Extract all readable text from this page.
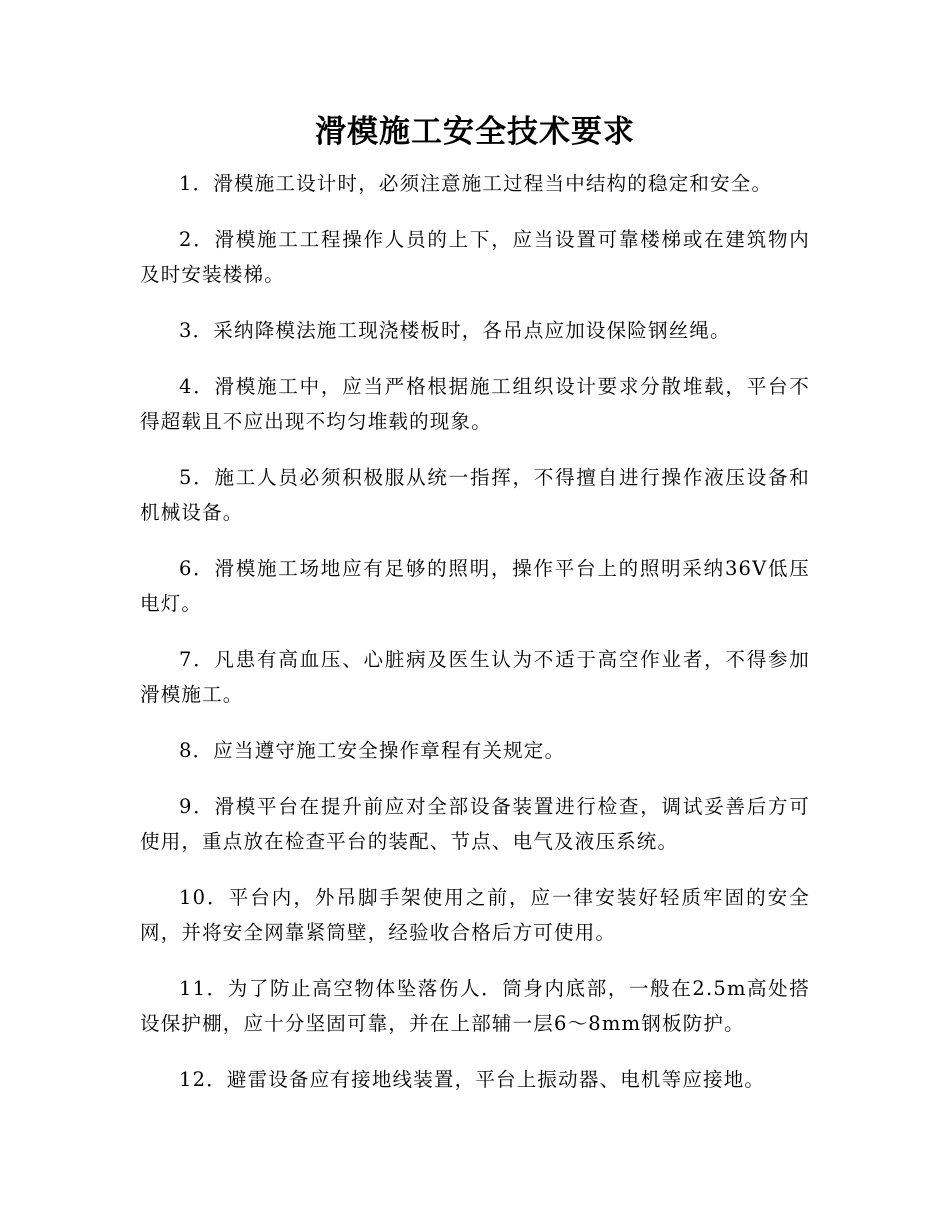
滑模施工安全技术要求

1．滑模施工设计时，必须注意施工过程当中结构的稳定和安全。

2．滑模施工工程操作人员的上下，应当设置可靠楼梯或在建筑物内及时安装楼梯。

3．采纳降模法施工现浇楼板时，各吊点应加设保险钢丝绳。

4．滑模施工中，应当严格根据施工组织设计要求分散堆载，平台不得超载且不应出现不均匀堆载的现象。

5．施工人员必须积极服从统一指挥，不得擅自进行操作液压设备和机械设备。

6．滑模施工场地应有足够的照明，操作平台上的照明采纳36V低压电灯。

7．凡患有高血压、心脏病及医生认为不适于高空作业者，不得参加滑模施工。

8．应当遵守施工安全操作章程有关规定。

9．滑模平台在提升前应对全部设备装置进行检查，调试妥善后方可使用，重点放在检查平台的装配、节点、电气及液压系统。

10．平台内，外吊脚手架使用之前，应一律安装好轻质牢固的安全网，并将安全网靠紧筒壁，经验收合格后方可使用。

11．为了防止高空物体坠落伤人．筒身内底部，一般在2.5m高处搭设保护棚，应十分坚固可靠，并在上部辅一层6～8mm钢板防护。

12．避雷设备应有接地线装置，平台上振动器、电机等应接地。
